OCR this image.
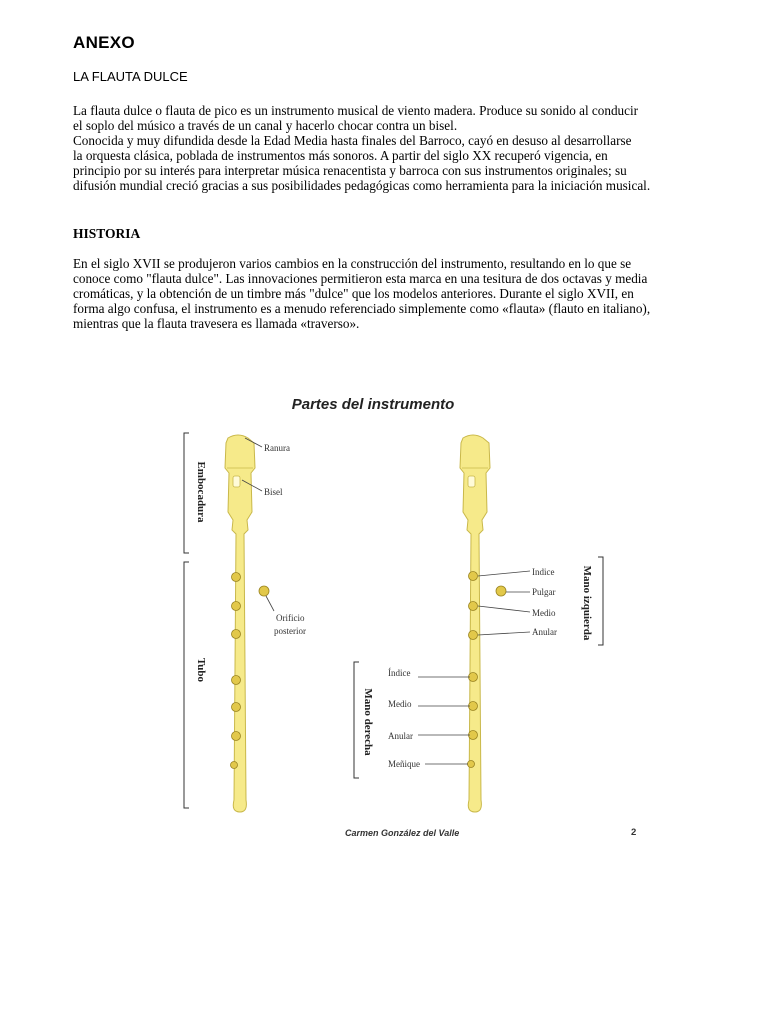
ANEXO
LA FLAUTA DULCE
La flauta dulce o flauta de pico es un instrumento musical de viento madera. Produce su sonido al conducir
el soplo del músico a través de un canal y hacerlo chocar contra un bisel.
Conocida y muy difundida desde la Edad Media hasta finales del Barroco, cayó en desuso al desarrollarse
la orquesta clásica, poblada de instrumentos más sonoros. A partir del siglo XX recuperó vigencia, en
principio por su interés para interpretar música renacentista y barroca con sus instrumentos originales; su
difusión mundial creció gracias a sus posibilidades pedagógicas como herramienta para la iniciación musical.
HISTORIA
En el siglo XVII se produjeron varios cambios en la construcción del instrumento, resultando en lo que se
conoce como "flauta dulce". Las innovaciones permitieron esta marca en una tesitura de dos octavas y media
cromáticas, y la obtención de un timbre más "dulce" que los modelos anteriores. Durante el siglo XVII, en
forma algo confusa, el instrumento es a menudo referenciado simplemente como «flauta» (flauto en italiano),
mientras que la flauta travesera es llamada «traverso».
Partes del instrumento
Embocadura
Tubo
Ranura
Bisel
Orificio
posterior
Indice
Pulgar
Medio
Anular Mano izquierda
Índice
Medio
Anular
Meñique
Mano derecha
Carmen González del Valle	2
